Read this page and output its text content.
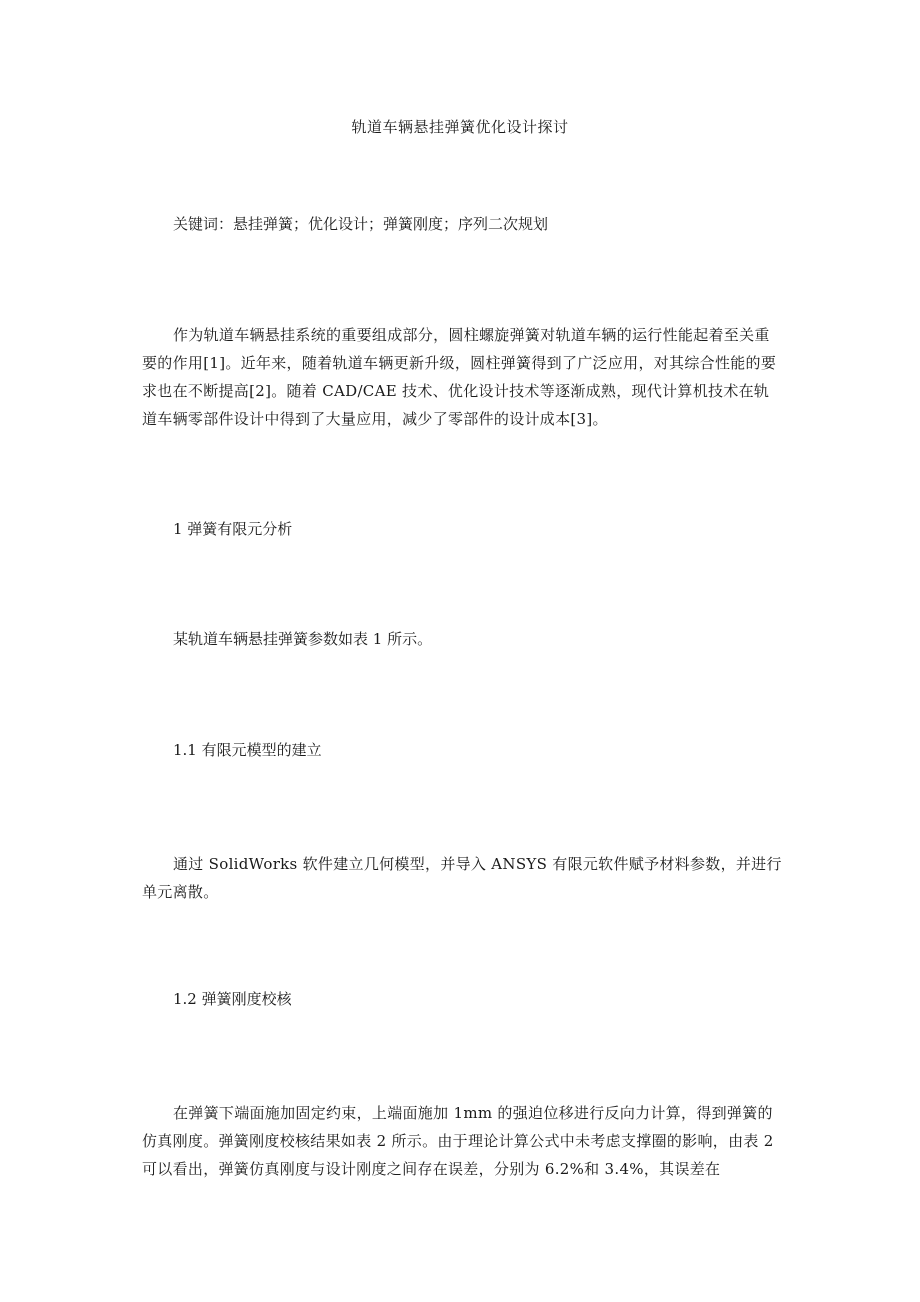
轨道车辆悬挂弹簧优化设计探讨
关键词：悬挂弹簧；优化设计；弹簧刚度；序列二次规划
作为轨道车辆悬挂系统的重要组成部分，圆柱螺旋弹簧对轨道车辆的运行性能起着至关重要的作用[1]。近年来，随着轨道车辆更新升级，圆柱弹簧得到了广泛应用，对其综合性能的要求也在不断提高[2]。随着 CAD/CAE 技术、优化设计技术等逐渐成熟，现代计算机技术在轨道车辆零部件设计中得到了大量应用，减少了零部件的设计成本[3]。
1 弹簧有限元分析
某轨道车辆悬挂弹簧参数如表 1 所示。
1.1 有限元模型的建立
通过 SolidWorks 软件建立几何模型，并导入 ANSYS 有限元软件赋予材料参数，并进行单元离散。
1.2 弹簧刚度校核
在弹簧下端面施加固定约束，上端面施加 1mm 的强迫位移进行反向力计算，得到弹簧的仿真刚度。弹簧刚度校核结果如表 2 所示。由于理论计算公式中未考虑支撑圈的影响，由表 2 可以看出，弹簧仿真刚度与设计刚度之间存在误差，分别为 6.2%和 3.4%，其误差在
